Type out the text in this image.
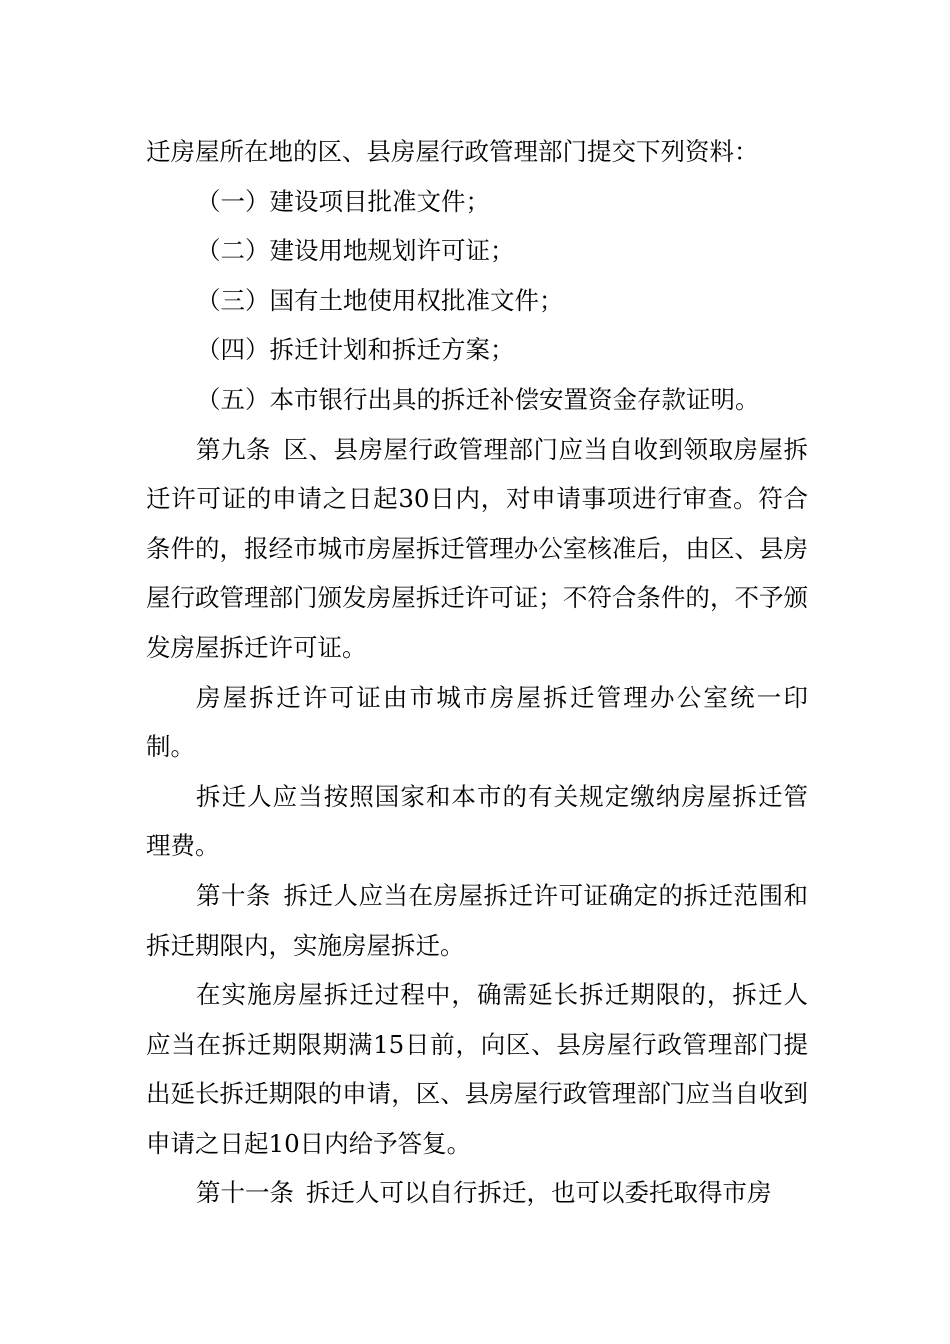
迁房屋所在地的区、县房屋行政管理部门提交下列资料：

（一）建设项目批准文件；

（二）建设用地规划许可证；

（三）国有土地使用权批准文件；

（四）拆迁计划和拆迁方案；

（五）本市银行出具的拆迁补偿安置资金存款证明。

第九条 区、县房屋行政管理部门应当自收到领取房屋拆迁许可证的申请之日起30日内，对申请事项进行审查。符合条件的，报经市城市房屋拆迁管理办公室核准后，由区、县房屋行政管理部门颁发房屋拆迁许可证；不符合条件的，不予颁发房屋拆迁许可证。

房屋拆迁许可证由市城市房屋拆迁管理办公室统一印制。

拆迁人应当按照国家和本市的有关规定缴纳房屋拆迁管理费。

第十条 拆迁人应当在房屋拆迁许可证确定的拆迁范围和拆迁期限内，实施房屋拆迁。

在实施房屋拆迁过程中，确需延长拆迁期限的，拆迁人应当在拆迁期限期满15日前，向区、县房屋行政管理部门提出延长拆迁期限的申请，区、县房屋行政管理部门应当自收到申请之日起10日内给予答复。

第十一条 拆迁人可以自行拆迁，也可以委托取得市房
